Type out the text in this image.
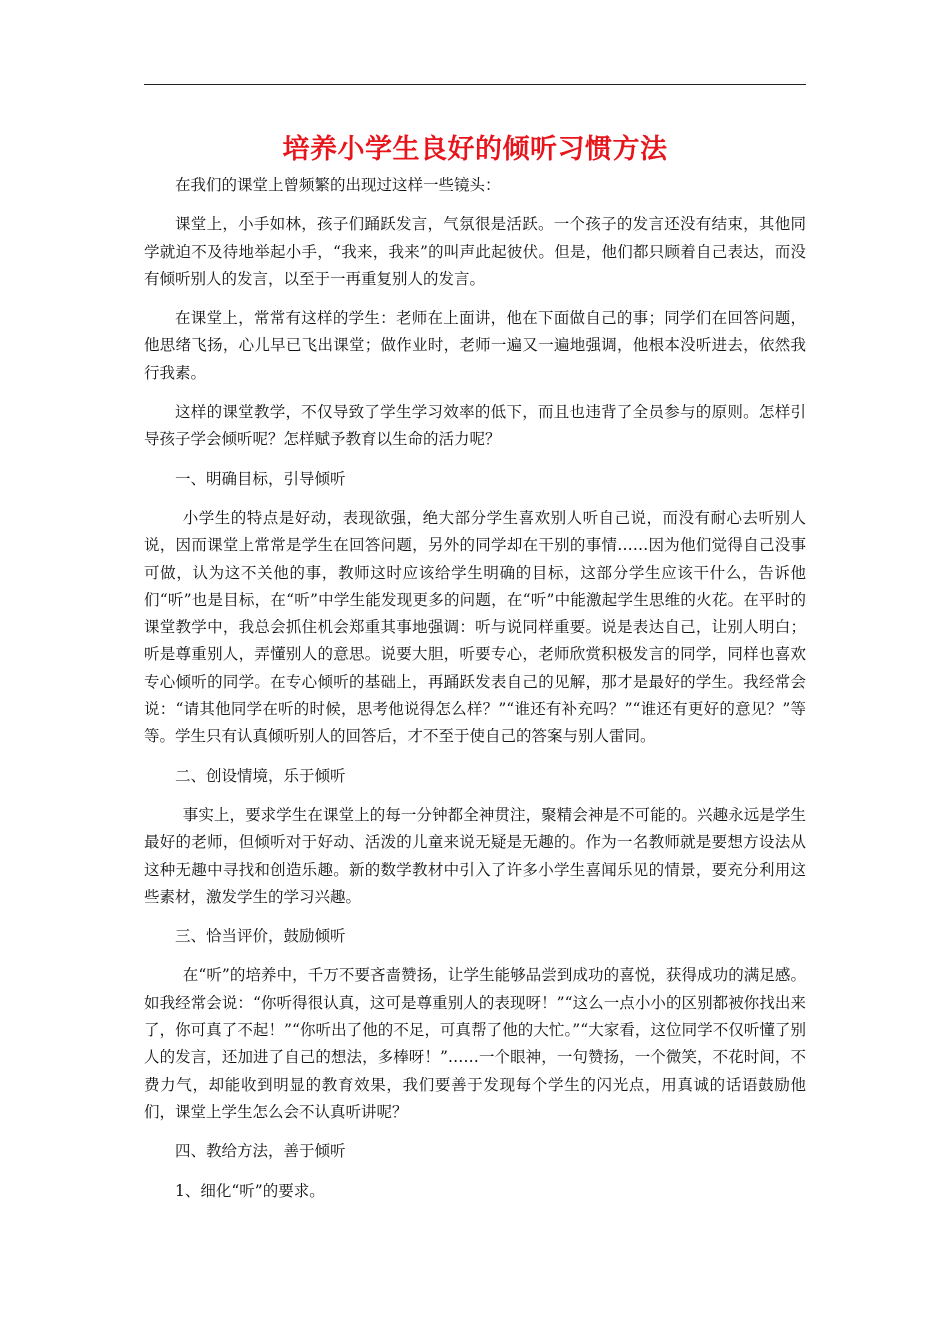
培养小学生良好的倾听习惯方法

在我们的课堂上曾频繁的出现过这样一些镜头：

课堂上，小手如林，孩子们踊跃发言，气氛很是活跃。一个孩子的发言还没有结束，其他同学就迫不及待地举起小手，“我来，我来”的叫声此起彼伏。但是，他们都只顾着自己表达，而没有倾听别人的发言，以至于一再重复别人的发言。

在课堂上，常常有这样的学生：老师在上面讲，他在下面做自己的事；同学们在回答问题，他思绪飞扬，心儿早已飞出课堂；做作业时，老师一遍又一遍地强调，他根本没听进去，依然我行我素。

这样的课堂教学，不仅导致了学生学习效率的低下，而且也违背了全员参与的原则。怎样引导孩子学会倾听呢？怎样赋予教育以生命的活力呢？

一、明确目标，引导倾听

小学生的特点是好动，表现欲强，绝大部分学生喜欢别人听自己说，而没有耐心去听别人说，因而课堂上常常是学生在回答问题，另外的同学却在干别的事情……因为他们觉得自己没事可做，认为这不关他的事，教师这时应该给学生明确的目标，这部分学生应该干什么，告诉他们“听”也是目标，在“听”中学生能发现更多的问题，在“听”中能激起学生思维的火花。在平时的课堂教学中，我总会抓住机会郑重其事地强调：听与说同样重要。说是表达自己，让别人明白；听是尊重别人，弄懂别人的意思。说要大胆，听要专心，老师欣赏积极发言的同学，同样也喜欢专心倾听的同学。在专心倾听的基础上，再踊跃发表自己的见解，那才是最好的学生。我经常会说：“请其他同学在听的时候，思考他说得怎么样？”“谁还有补充吗？”“谁还有更好的意见？”等等。学生只有认真倾听别人的回答后，才不至于使自己的答案与别人雷同。

二、创设情境，乐于倾听

事实上，要求学生在课堂上的每一分钟都全神贯注，聚精会神是不可能的。兴趣永远是学生最好的老师，但倾听对于好动、活泼的儿童来说无疑是无趣的。作为一名教师就是要想方设法从这种无趣中寻找和创造乐趣。新的数学教材中引入了许多小学生喜闻乐见的情景，要充分利用这些素材，激发学生的学习兴趣。

三、恰当评价，鼓励倾听

在“听”的培养中，千万不要吝啬赞扬，让学生能够品尝到成功的喜悦，获得成功的满足感。如我经常会说：“你听得很认真，这可是尊重别人的表现呀！”“这么一点小小的区别都被你找出来了，你可真了不起！”“你听出了他的不足，可真帮了他的大忙。”“大家看，这位同学不仅听懂了别人的发言，还加进了自己的想法，多棒呀！”……一个眼神，一句赞扬，一个微笑，不花时间，不费力气，却能收到明显的教育效果，我们要善于发现每个学生的闪光点，用真诚的话语鼓励他们，课堂上学生怎么会不认真听讲呢？

四、教给方法，善于倾听

1、细化“听”的要求。
